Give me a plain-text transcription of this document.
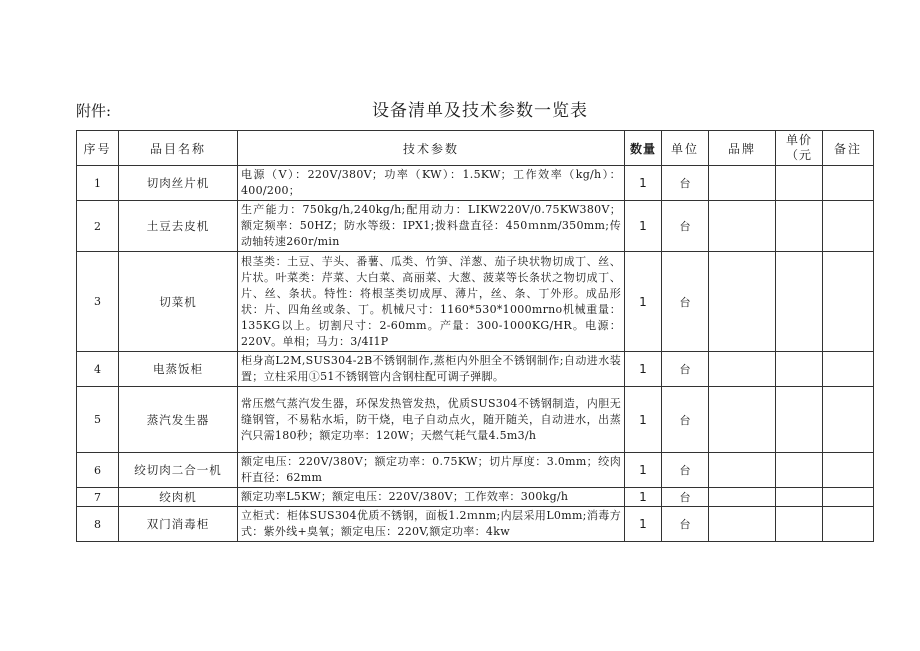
附件:	设备清单及技术参数一览表
序号	品目名称	技术参数	数量	单位	品牌	单价（元	备注
1	切肉丝片机	电源（V）：220V/380V；功率（KW）：1.5KW；工作效率（kg/h）：400/200；	1	台			
2	土豆去皮机	生产能力：750kg/h,240kg/h;配用动力：LIKW220V/0.75KW380V；额定频率：50HZ；防水等级：IPX1;拨料盘直径：450ｍnm/350mm;传动轴转速260r/min	1	台			
3	切菜机	根茎类：土豆、芋头、番薯、瓜类、竹笋、洋葱、茄子块状物切成丁、丝、片状。叶菜类：芹菜、大白菜、高丽菜、大葱、菠菜等长条状之物切成丁、片、丝、条状。特性：将根茎类切成厚、薄片，丝、条、丁外形。成品形状：片、四角丝或条、丁。机械尺寸：1160*530*1000mrno机械重量：135KG以上。切割尺寸：2-60mm。产量：300-1000KG/HR。电源：220V。单相；马力：3/4I1P	1	台			
4	电蒸饭柜	柜身高L2M,SUS304-2B不锈钢制作,蒸柜内外胆全不锈钢制作;自动进水装置；立柱采用①51不锈钢管内含钢柱配可调子弹脚。	1	台			
5	蒸汽发生器	常压燃气蒸汽发生器，环保发热管发热，优质SUS304不锈钢制造，内胆无缝钢管，不易粘水垢，防干烧，电子自动点火，随开随关，自动进水，出蒸汽只需180秒；额定功率：120W；天燃气耗气量4.5m3/h	1	台			
6	绞切肉二合一机	额定电压：220V/380V；额定功率：0.75KW；切片厚度：3.0mm；绞肉杆直径：62mm	1	台			
7	绞肉机	额定功率L5KW；额定电压：220V/380V；工作效率：300kg/h	1	台			
8	双门消毒柜	立柜式：柜体SUS304优质不锈钢，面板1.2ｍnm;内层采用L0mm;消毒方式：紫外线+臭氧；额定电压：220V,额定功率：4kw	1	台			
